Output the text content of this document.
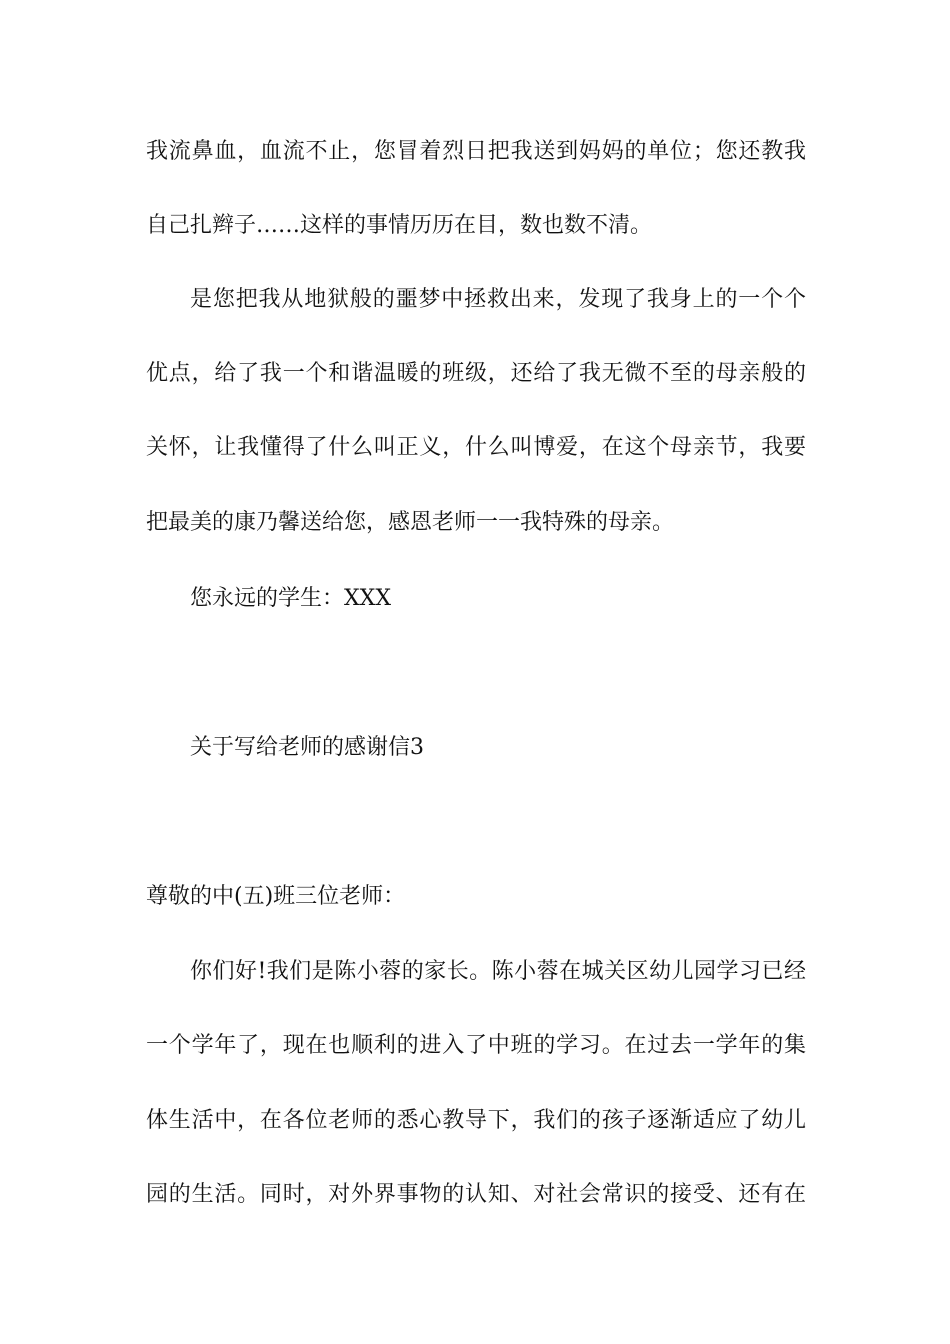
我流鼻血，血流不止，您冒着烈日把我送到妈妈的单位；您还教我
自己扎辫子……这样的事情历历在目，数也数不清。
是您把我从地狱般的噩梦中拯救出来，发现了我身上的一个个
优点，给了我一个和谐温暖的班级，还给了我无微不至的母亲般的
关怀，让我懂得了什么叫正义，什么叫博爱，在这个母亲节，我要
把最美的康乃馨送给您，感恩老师一一我特殊的母亲。
您永远的学生：XXX
关于写给老师的感谢信3
尊敬的中(五)班三位老师：
你们好!我们是陈小蓉的家长。陈小蓉在城关区幼儿园学习已经
一个学年了，现在也顺利的进入了中班的学习。在过去一学年的集
体生活中，在各位老师的悉心教导下，我们的孩子逐渐适应了幼儿
园的生活。同时，对外界事物的认知、对社会常识的接受、还有在
